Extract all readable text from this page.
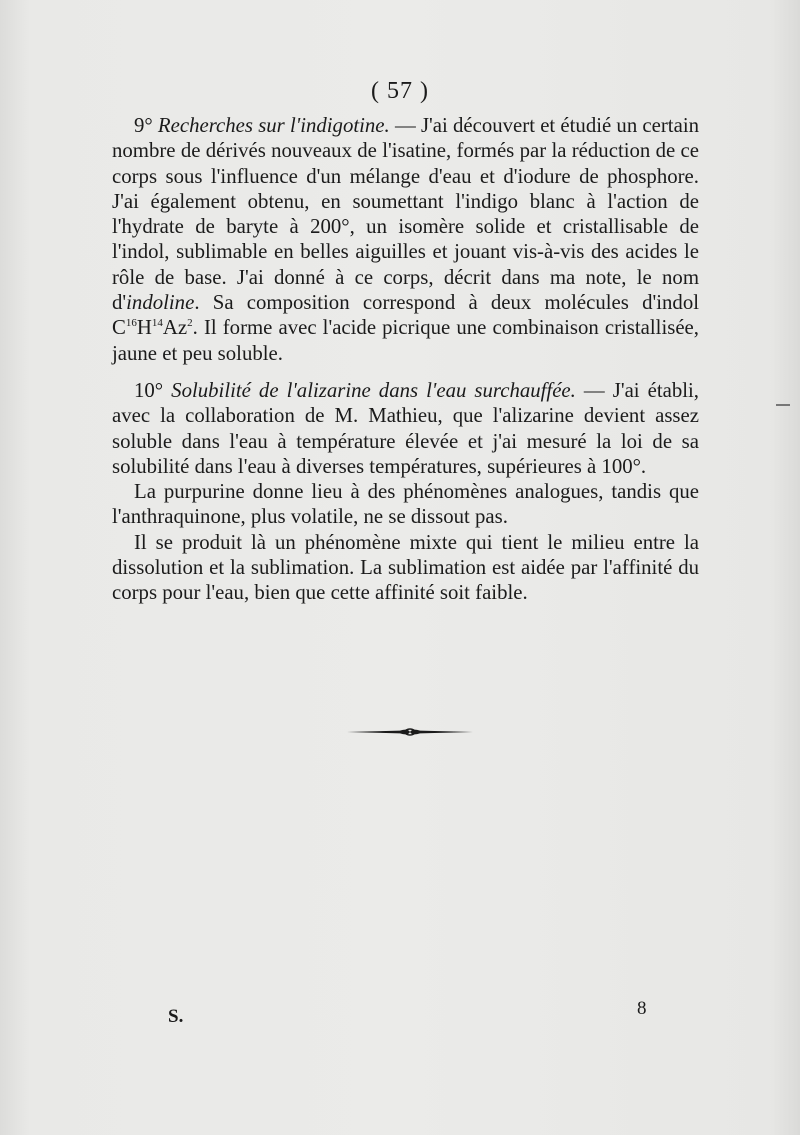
( 57 )

9° Recherches sur l'indigotine. — J'ai découvert et étudié un certain nombre de dérivés nouveaux de l'isatine, formés par la réduction de ce corps sous l'influence d'un mélange d'eau et d'iodure de phosphore. J'ai également obtenu, en soumettant l'indigo blanc à l'action de l'hydrate de baryte à 200°, un isomère solide et cristallisable de l'indol, sublimable en belles aiguilles et jouant vis-à-vis des acides le rôle de base. J'ai donné à ce corps, décrit dans ma note, le nom d'indoline. Sa composition correspond à deux molécules d'indol $C^{16}H^{14}Az^2$. Il forme avec l'acide picrique une combinaison cristallisée, jaune et peu soluble.

10° Solubilité de l'alizarine dans l'eau surchauffée. — J'ai établi, avec la collaboration de M. Mathieu, que l'alizarine devient assez soluble dans l'eau à température élevée et j'ai mesuré la loi de sa solubilité dans l'eau à diverses températures, supérieures à 100°.

La purpurine donne lieu à des phénomènes analogues, tandis que l'anthraquinone, plus volatile, ne se dissout pas.

Il se produit là un phénomène mixte qui tient le milieu entre la dissolution et la sublimation. La sublimation est aidée par l'affinité du corps pour l'eau, bien que cette affinité soit faible.

S.	8
